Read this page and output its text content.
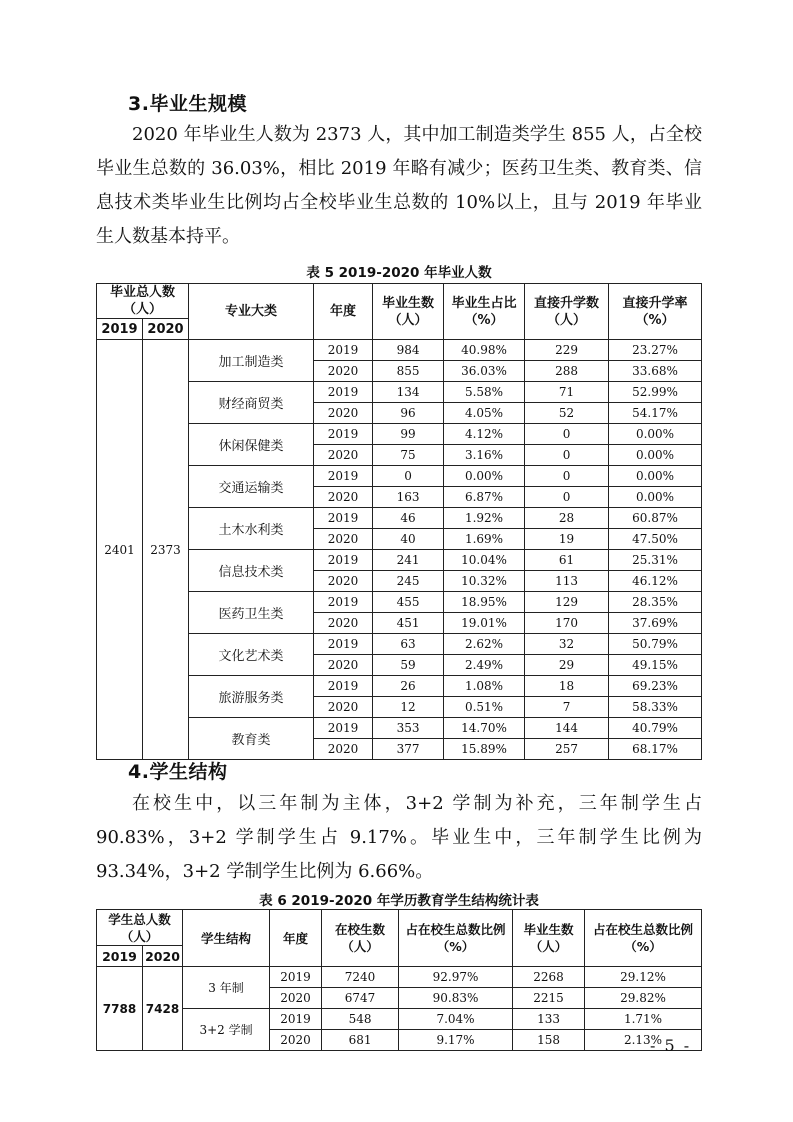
3.毕业生规模
2020 年毕业生人数为 2373 人，其中加工制造类学生 855 人，占全校毕业生总数的 36.03%，相比 2019 年略有减少；医药卫生类、教育类、信息技术类毕业生比例均占全校毕业生总数的 10%以上，且与 2019 年毕业生人数基本持平。
表 5 2019-2020 年毕业人数
毕业总人数（人）		专业大类	年度	毕业生数（人）	毕业生占比（%）	直接升学数（人）	直接升学率（%）
2019	2020						
2401	2373	加工制造类	2019	984	40.98%	229	23.27%
			2020	855	36.03%	288	33.68%
		财经商贸类	2019	134	5.58%	71	52.99%
			2020	96	4.05%	52	54.17%
		休闲保健类	2019	99	4.12%	0	0.00%
			2020	75	3.16%	0	0.00%
		交通运输类	2019	0	0.00%	0	0.00%
			2020	163	6.87%	0	0.00%
		土木水利类	2019	46	1.92%	28	60.87%
			2020	40	1.69%	19	47.50%
		信息技术类	2019	241	10.04%	61	25.31%
			2020	245	10.32%	113	46.12%
		医药卫生类	2019	455	18.95%	129	28.35%
			2020	451	19.01%	170	37.69%
		文化艺术类	2019	63	2.62%	32	50.79%
			2020	59	2.49%	29	49.15%
		旅游服务类	2019	26	1.08%	18	69.23%
			2020	12	0.51%	7	58.33%
		教育类	2019	353	14.70%	144	40.79%
			2020	377	15.89%	257	68.17%
4.学生结构
在校生中，以三年制为主体，3+2 学制为补充，三年制学生占 90.83%，3+2 学制学生占 9.17%。毕业生中，三年制学生比例为 93.34%，3+2 学制学生比例为 6.66%。
表 6 2019-2020 年学历教育学生结构统计表
学生总人数（人）		学生结构	年度	在校生数（人）	占在校生总数比例（%）	毕业生数（人）	占在校生总数比例（%）
2019	2020						
7788	7428	3 年制	2019	7240	92.97%	2268	29.12%
			2020	6747	90.83%	2215	29.82%
		3+2 学制	2019	548	7.04%	133	1.71%
			2020	681	9.17%	158	2.13%
- 5 -
